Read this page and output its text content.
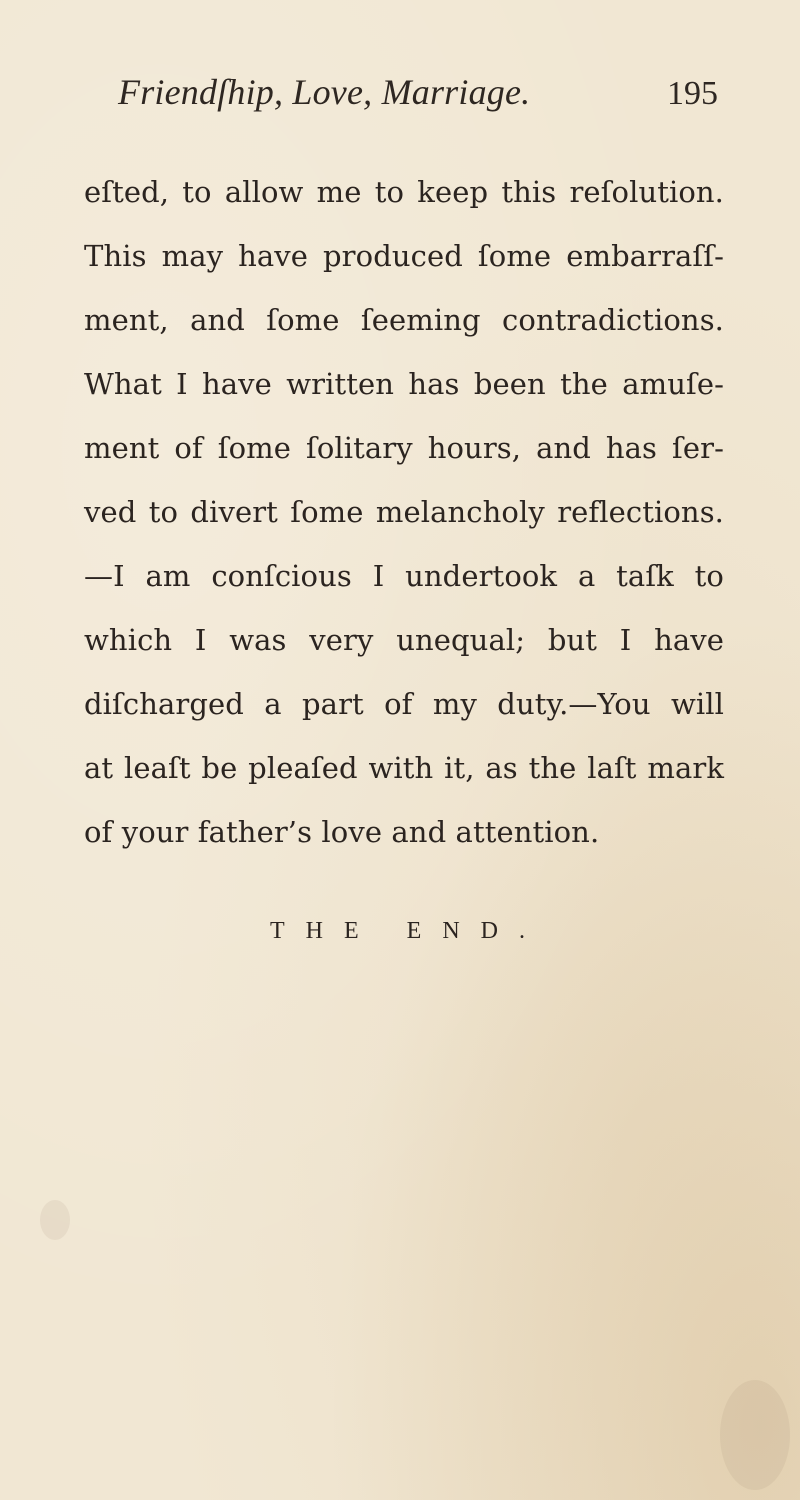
Friendſhip, Love, Marriage.	195
eſted, to allow me to keep this reſolution.
This may have produced ſome embarraſſ-
ment, and ſome ſeeming contradictions.
What I have written has been the amuſe-
ment of ſome ſolitary hours, and has ſer-
ved to divert ſome melancholy reflections.
—I am conſcious I undertook a taſk to
which I was very unequal; but I have
diſcharged a part of my duty.—You will
at leaſt be pleaſed with it, as the laſt mark
of your father’s love and attention.
THE END.
